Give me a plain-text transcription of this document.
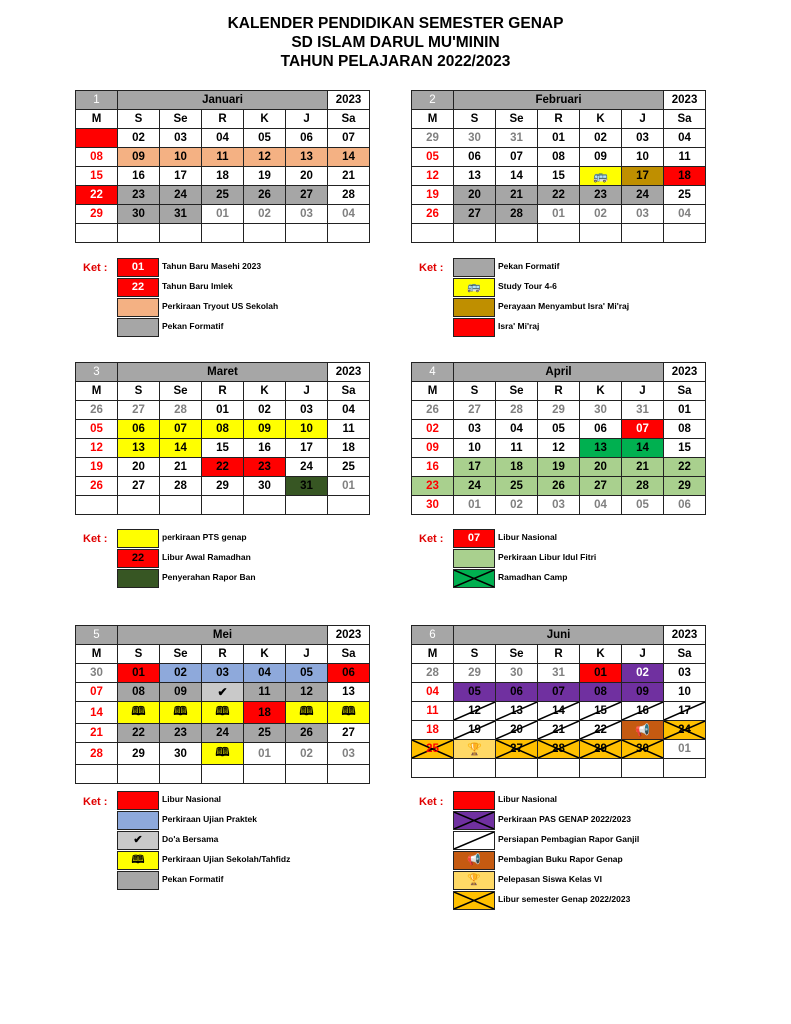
KALENDER PENDIDIKAN SEMESTER GENAP
SD ISLAM DARUL MU'MININ
TAHUN PELAJARAN 2022/2023
1	Januari					2023
M	S	Se	R	K	J	Sa
01	02	03	04	05	06	07
08	09	10	11	12	13	14
15	16	17	18	19	20	21
22	23	24	25	26	27	28
29	30	31	01	02	03	04

Ket :	01	Tahun Baru Masehi 2023
22	Tahun Baru Imlek
Perkiraan Tryout US Sekolah
Pekan Formatif
2	Februari					2023
M	S	Se	R	K	J	Sa
29	30	31	01	02	03	04
05	06	07	08	09	10	11
12	13	14	15	🚌	17	18
19	20	21	22	23	24	25
26	27	28	01	02	03	04

Ket :	Pekan Formatif
🚌	Study Tour 4-6
Perayaan Menyambut Isra' Mi'raj
Isra' Mi'raj
3	Maret					2023
M	S	Se	R	K	J	Sa
26	27	28	01	02	03	04
05	06	07	08	09	10	11
12	13	14	15	16	17	18
19	20	21	22	23	24	25
26	27	28	29	30	31	01

Ket :	perkiraan PTS genap
22	Libur Awal Ramadhan
Penyerahan Rapor Ban
4	April					2023
M	S	Se	R	K	J	Sa
26	27	28	29	30	31	01
02	03	04	05	06	07	08
09	10	11	12	13	14	15
16	17	18	19	20	21	22
23	24	25	26	27	28	29
30	01	02	03	04	05	06
Ket :	07	Libur Nasional
Perkiraan Libur Idul Fitri
Ramadhan Camp
5	Mei					2023
M	S	Se	R	K	J	Sa
30	01	02	03	04	05	06
07	08	09	✔	11	12	13
14	🕮	🕮	🕮	18	🕮	🕮
21	22	23	24	25	26	27
28	29	30	🕮	01	02	03

Ket :	Libur Nasional
Perkiraan Ujian Praktek
✔	Do'a Bersama
🕮	Perkiraan Ujian Sekolah/Tahfidz
Pekan Formatif
6	Juni					2023
M	S	Se	R	K	J	Sa
28	29	30	31	01	02	03
04	05	06	07	08	09	10
11	12	13	14	15	16	17
18	19	20	21	22	📢	24

25	🏆	27	28	29	30	01

Ket :	Libur Nasional
Perkiraan PAS GENAP 2022/2023
Persiapan Pembagian Rapor Ganjil
📢	Pembagian Buku Rapor Genap
🏆	Pelepasan Siswa Kelas VI
Libur semester Genap 2022/2023
